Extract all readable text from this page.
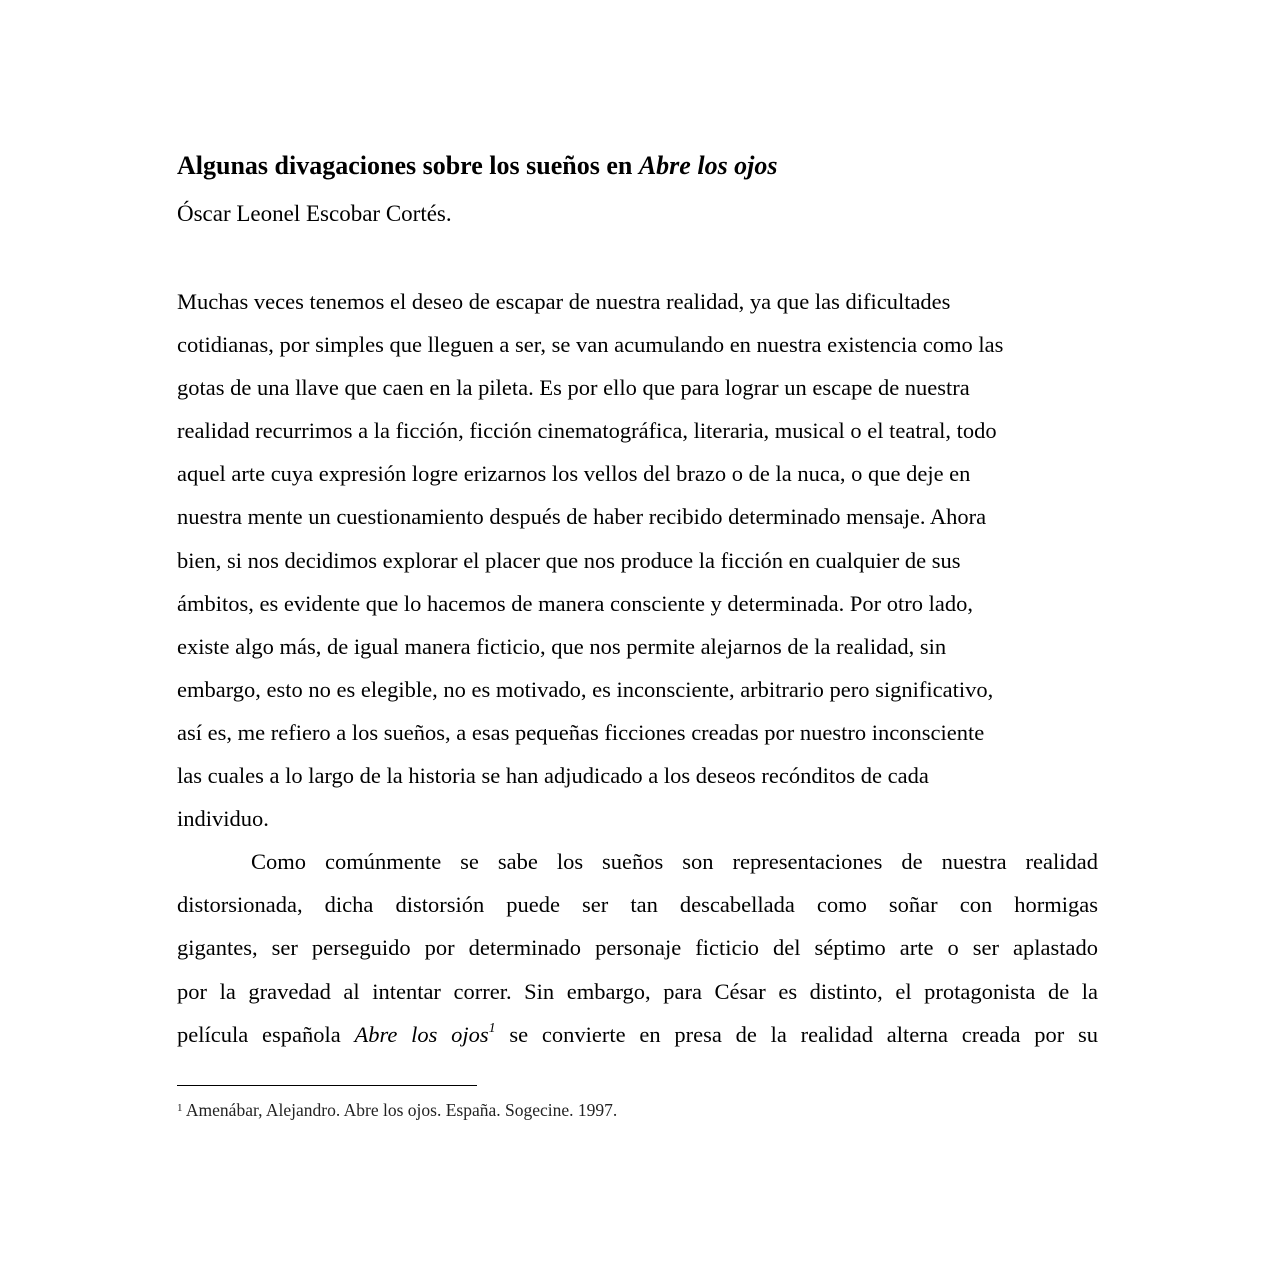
Algunas divagaciones sobre los sueños en Abre los ojos

Óscar Leonel Escobar Cortés.

Muchas veces tenemos el deseo de escapar de nuestra realidad, ya que las dificultades
cotidianas, por simples que lleguen a ser, se van acumulando en nuestra existencia como las
gotas de una llave que caen en la pileta. Es por ello que para lograr un escape de nuestra
realidad recurrimos a la ficción, ficción cinematográfica, literaria, musical o el teatral, todo
aquel arte cuya expresión logre erizarnos los vellos del brazo o de la nuca, o que deje en
nuestra mente un cuestionamiento después de haber recibido determinado mensaje. Ahora
bien, si nos decidimos explorar el placer que nos produce la ficción en cualquier de sus
ámbitos, es evidente que lo hacemos de manera consciente y determinada. Por otro lado,
existe algo más, de igual manera ficticio, que nos permite alejarnos de la realidad, sin
embargo, esto no es elegible, no es motivado, es inconsciente, arbitrario pero significativo,
así es, me refiero a los sueños, a esas pequeñas ficciones creadas por nuestro inconsciente
las cuales a lo largo de la historia se han adjudicado a los deseos recónditos de cada
individuo.
Como comúnmente se sabe los sueños son representaciones de nuestra realidad
distorsionada, dicha distorsión puede ser tan descabellada como soñar con hormigas
gigantes, ser perseguido por determinado personaje ficticio del séptimo arte o ser aplastado
por la gravedad al intentar correr. Sin embargo, para César es distinto, el protagonista de la
película española Abre los ojos$^1$ se convierte en presa de la realidad alterna creada por su
$^1$ Amenábar, Alejandro. Abre los ojos. España. Sogecine. 1997.
